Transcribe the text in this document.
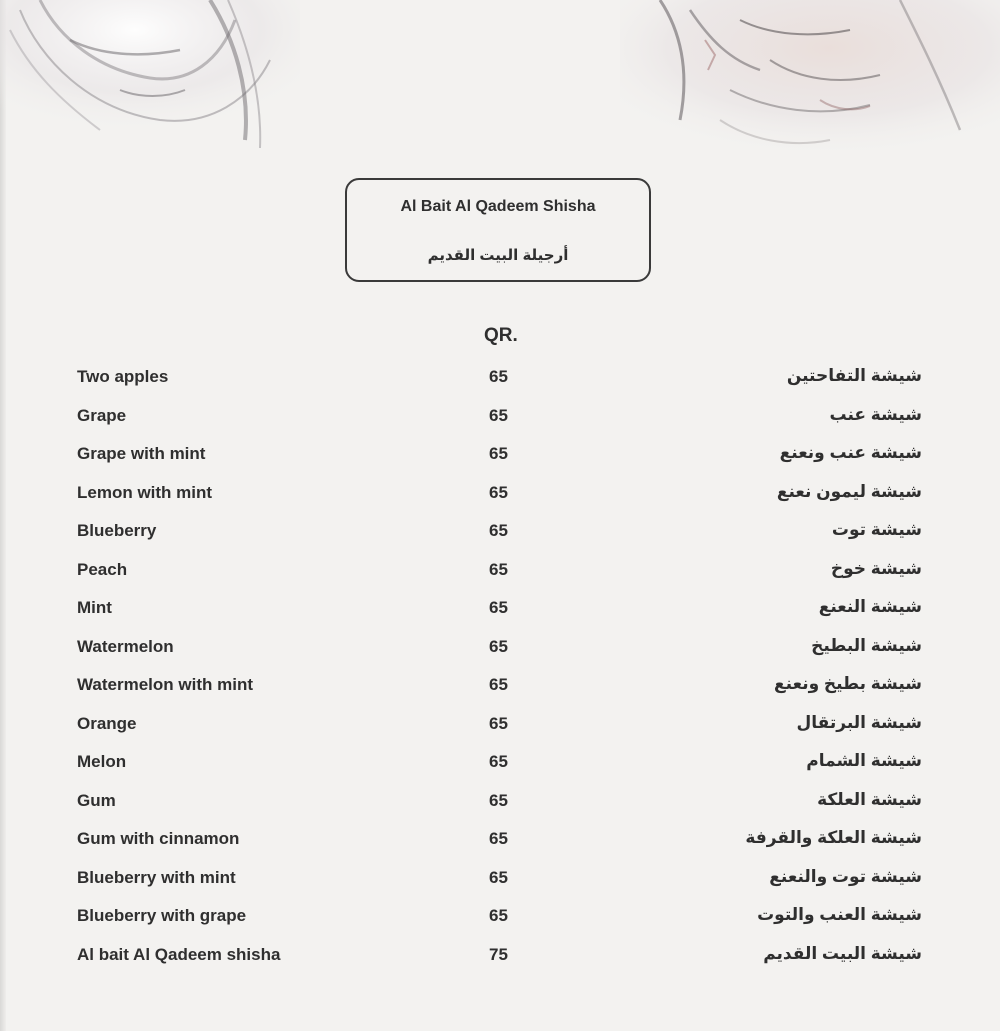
Al Bait Al Qadeem Shisha
أرجيلة البيت القديم
QR.
Two apples	65	شيشة التفاحتين
Grape	65	شيشة عنب
Grape with mint	65	شيشة عنب ونعنع
Lemon with mint	65	شيشة ليمون نعنع
Blueberry	65	شيشة توت
Peach	65	شيشة خوخ
Mint	65	شيشة النعنع
Watermelon	65	شيشة البطيخ
Watermelon with mint	65	شيشة بطيخ ونعنع
Orange	65	شيشة البرتقال
Melon	65	شيشة الشمام
Gum	65	شيشة العلكة
Gum with cinnamon	65	شيشة العلكة والقرفة
Blueberry with mint	65	شيشة توت والنعنع
Blueberry with grape	65	شيشة العنب والتوت
Al bait Al Qadeem shisha	75	شيشة البيت القديم
